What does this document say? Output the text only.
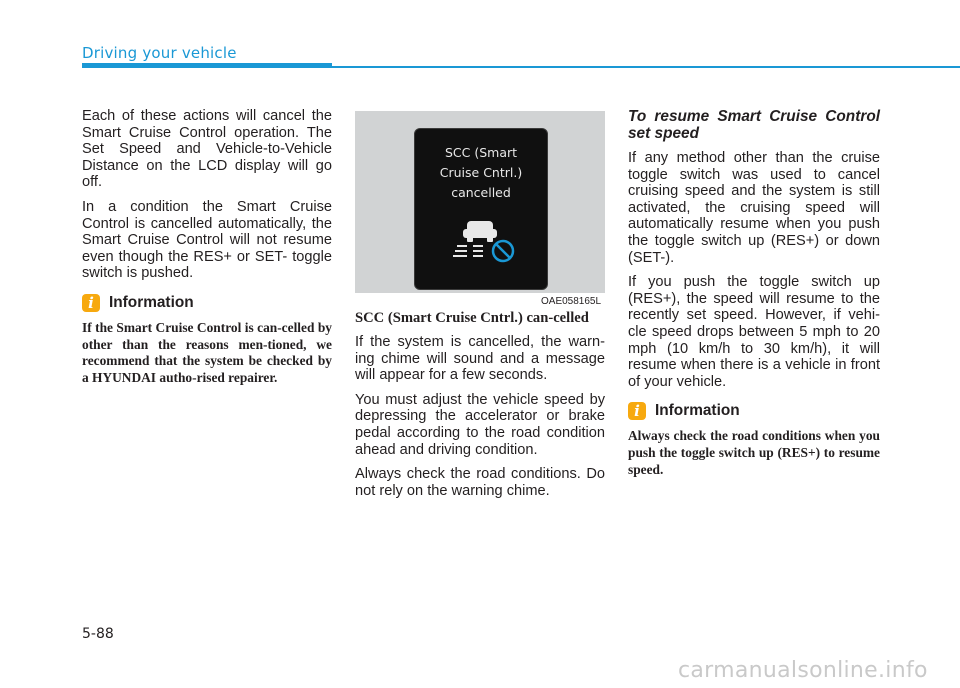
Driving your vehicle

Each of these actions will cancel the Smart Cruise Control operation. The Set Speed and Vehicle-to-Vehicle Distance on the LCD display will go off.

In a condition the Smart Cruise Control is cancelled automatically, the Smart Cruise Control will not resume even though the RES+ or SET- toggle switch is pushed.

i Information

If the Smart Cruise Control is can-celled by other than the reasons men-tioned, we recommend that the system be checked by a HYUNDAI autho-rised repairer.

SCC (Smart
Cruise Cntrl.)
cancelled
OAE058165L

SCC (Smart Cruise Cntrl.) can-celled

If the system is cancelled, the warn-ing chime will sound and a message will appear for a few seconds.

You must adjust the vehicle speed by depressing the accelerator or brake pedal according to the road condition ahead and driving condition.

Always check the road conditions. Do not rely on the warning chime.

To resume Smart Cruise Control set speed

If any method other than the cruise toggle switch was used to cancel cruising speed and the system is still activated, the cruising speed will automatically resume when you push the toggle switch up (RES+) or down (SET-).

If you push the toggle switch up (RES+), the speed will resume to the recently set speed. However, if vehi-cle speed drops between 5 mph to 20 mph (10 km/h to 30 km/h), it will resume when there is a vehicle in front of your vehicle.

i Information

Always check the road conditions when you push the toggle switch up (RES+) to resume speed.

5-88
carmanualsonline.info
